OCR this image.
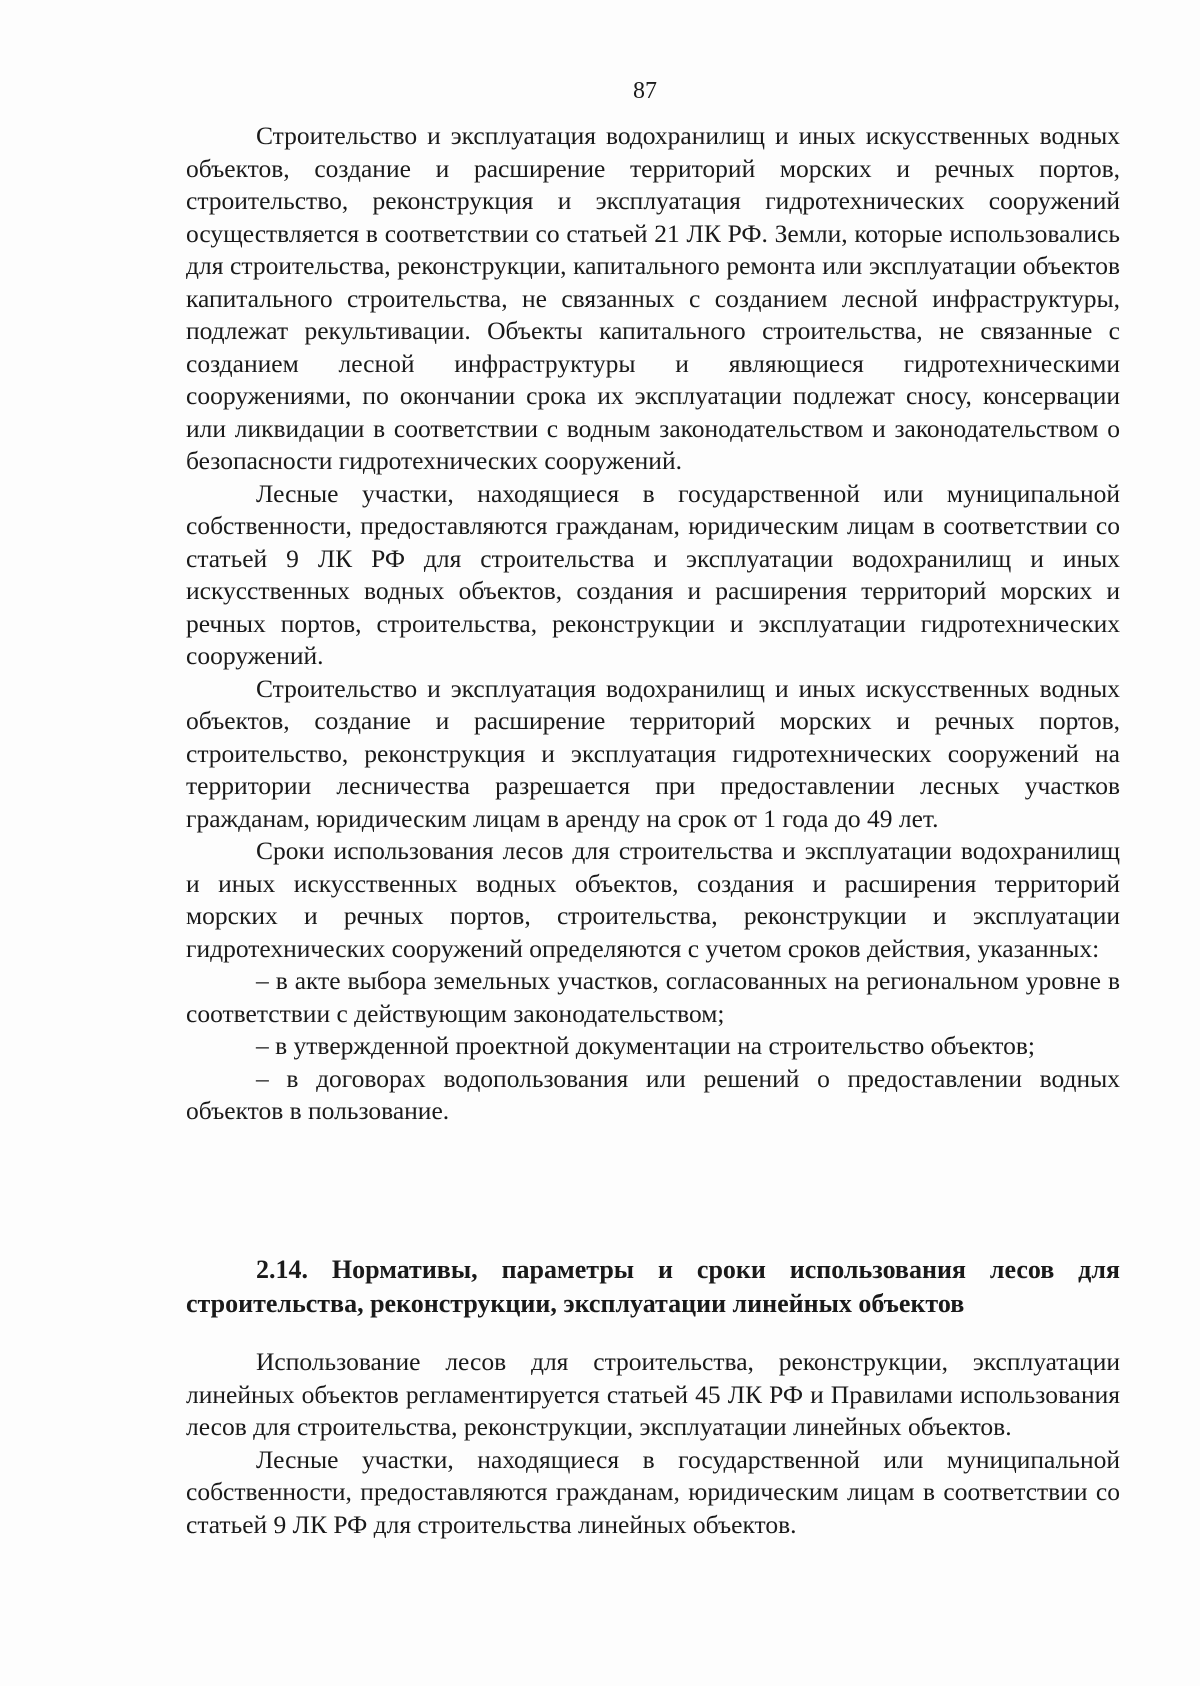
87

Строительство и эксплуатация водохранилищ и иных искусственных водных объектов, создание и расширение территорий морских и речных портов, строительство, реконструкция и эксплуатация гидротехнических сооружений осуществляется в соответствии со статьей 21 ЛК РФ. Земли, которые использовались для строительства, реконструкции, капитального ремонта или эксплуатации объектов капитального строительства, не связанных с созданием лесной инфраструктуры, подлежат рекультивации. Объекты капитального строительства, не связанные с созданием лесной инфраструктуры и являющиеся гидротехническими сооружениями, по окончании срока их эксплуатации подлежат сносу, консервации или ликвидации в соответствии с водным законодательством и законодательством о безопасности гидротехнических сооружений.

Лесные участки, находящиеся в государственной или муниципальной собственности, предоставляются гражданам, юридическим лицам в соответствии со статьей 9 ЛК РФ для строительства и эксплуатации водохранилищ и иных искусственных водных объектов, создания и расширения территорий морских и речных портов, строительства, реконструкции и эксплуатации гидротехнических сооружений.

Строительство и эксплуатация водохранилищ и иных искусственных водных объектов, создание и расширение территорий морских и речных портов, строительство, реконструкция и эксплуатация гидротехнических сооружений на территории лесничества разрешается при предоставлении лесных участков гражданам, юридическим лицам в аренду на срок от 1 года до 49 лет.

Сроки использования лесов для строительства и эксплуатации водохранилищ и иных искусственных водных объектов, создания и расширения территорий морских и речных портов, строительства, реконструкции и эксплуатации гидротехнических сооружений определяются с учетом сроков действия, указанных:

– в акте выбора земельных участков, согласованных на региональном уровне в соответствии с действующим законодательством;

– в утвержденной проектной документации на строительство объектов;

– в договорах водопользования или решений о предоставлении водных объектов в пользование.

2.14. Нормативы, параметры и сроки использования лесов для строительства, реконструкции, эксплуатации линейных объектов

Использование лесов для строительства, реконструкции, эксплуатации линейных объектов регламентируется статьей 45 ЛК РФ и Правилами использования лесов для строительства, реконструкции, эксплуатации линейных объектов.

Лесные участки, находящиеся в государственной или муниципальной собственности, предоставляются гражданам, юридическим лицам в соответствии со статьей 9 ЛК РФ для строительства линейных объектов.
